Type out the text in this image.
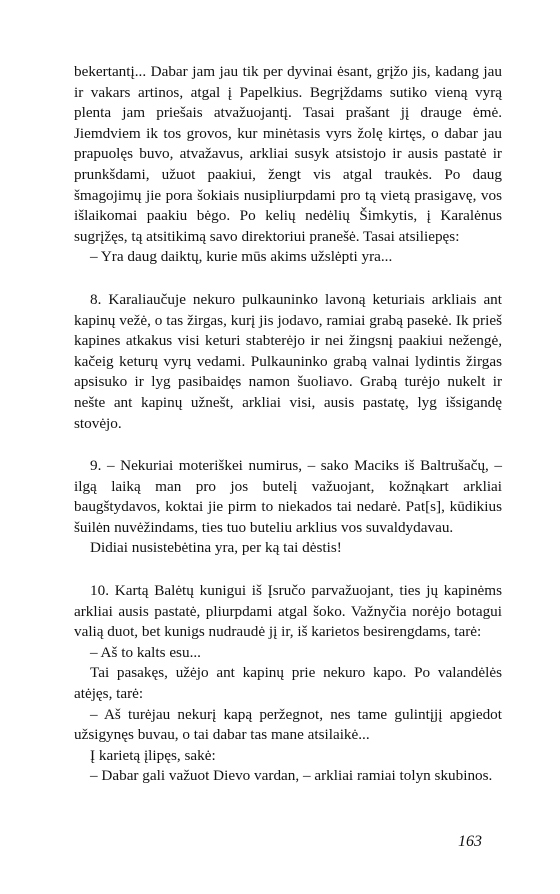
bekertantį... Dabar jam jau tik per dyvinai ėsant, grįžo jis, kadang jau ir vakars artinos, atgal į Papelkius. Begrįždams sutiko vieną vyrą plenta jam priešais atvažuojantį. Tasai prašant jį drauge ėmė. Jiemdviem ik tos grovos, kur minėtasis vyrs žolę kirtęs, o dabar jau prapuolęs buvo, atvažavus, arkliai susyk atsistojo ir ausis pastatė ir prunkšdami, užuot paakiui, žengt vis atgal traukės. Po daug šmagojimų jie pora šokiais nusipliurpdami pro tą vietą prasigavę, vos išlaikomai paakiu bėgo. Po kelių nedėlių Šimkytis, į Karalėnus sugrįžęs, tą atsitikimą savo direktoriui pranešė. Tasai atsiliepęs:

– Yra daug daiktų, kurie mūs akims užslėpti yra...

8. Karaliaučuje nekuro pulkauninko lavoną keturiais arkliais ant kapinų vežė, o tas žirgas, kurį jis jodavo, ramiai grabą pasekė. Ik prieš kapines atkakus visi keturi stabterėjo ir nei žingsnį paakiui nežengė, kačeig keturų vyrų vedami. Pulkauninko grabą valnai lydintis žirgas apsisuko ir lyg pasibaidęs namon šuoliavo. Grabą turėjo nukelt ir nešte ant kapinų užnešt, arkliai visi, ausis pastatę, lyg išsigandę stovėjo.

9. – Nekuriai moteriškei numirus, – sako Maciks iš Baltrušačų, – ilgą laiką man pro jos butelį važuojant, kožnąkart arkliai baugštydavos, koktai jie pirm to niekados tai nedarė. Pat[s], kūdikius šuilėn nuvėžindams, ties tuo buteliu arklius vos suvaldydavau.

Didiai nusistebėtina yra, per ką tai dėstis!

10. Kartą Balėtų kunigui iš Įsručo parvažuojant, ties jų kapinėms arkliai ausis pastatė, pliurpdami atgal šoko. Važnyčia norėjo botagui valią duot, bet kunigs nudraudė jį ir, iš karietos besirengdams, tarė:

– Aš to kalts esu...

Tai pasakęs, užėjo ant kapinų prie nekuro kapo. Po valandėlės atėjęs, tarė:

– Aš turėjau nekurį kapą peržegnot, nes tame gulintįjį apgiedot užsigynęs buvau, o tai dabar tas mane atsilaikė...

Į karietą įlipęs, sakė:

– Dabar gali važuot Dievo vardan, – arkliai ramiai tolyn skubinos.

163
